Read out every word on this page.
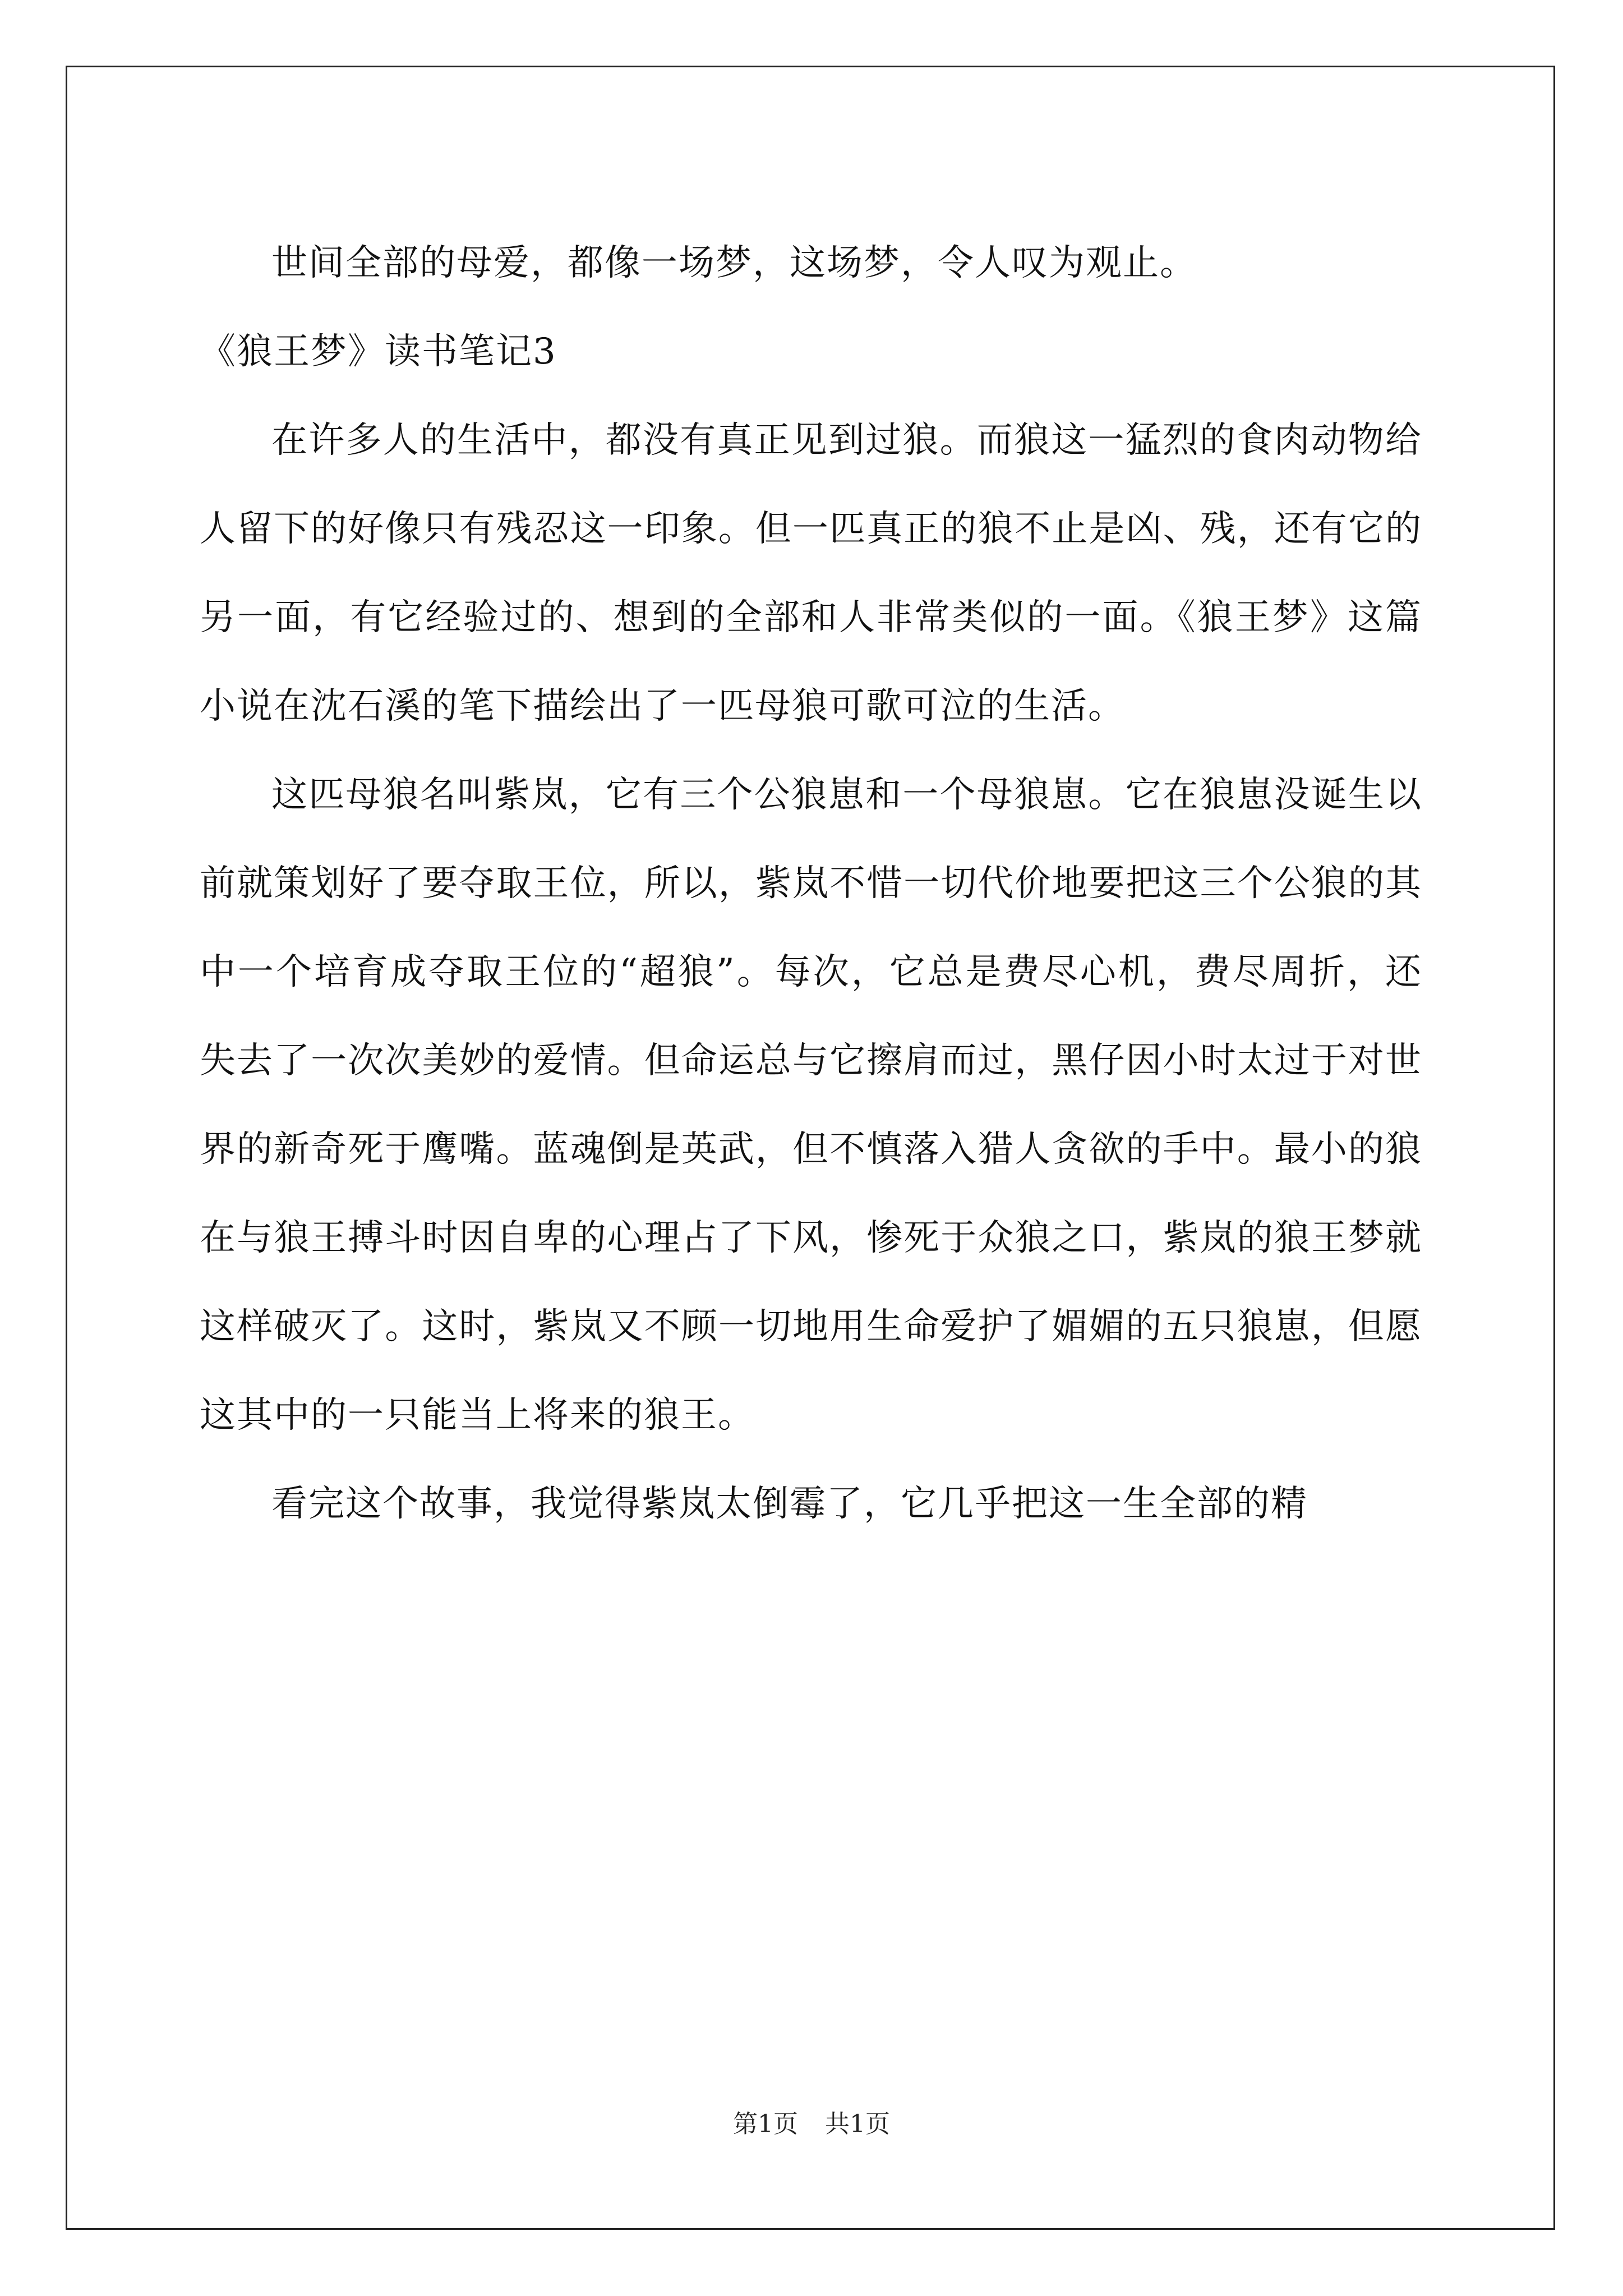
世间全部的母爱，都像一场梦，这场梦，令人叹为观止。

《狼王梦》读书笔记3

在许多人的生活中，都没有真正见到过狼。而狼这一猛烈的食肉动物给人留下的好像只有残忍这一印象。但一匹真正的狼不止是凶、残，还有它的另一面，有它经验过的、想到的全部和人非常类似的一面。《狼王梦》这篇小说在沈石溪的笔下描绘出了一匹母狼可歌可泣的生活。

这匹母狼名叫紫岚，它有三个公狼崽和一个母狼崽。它在狼崽没诞生以前就策划好了要夺取王位，所以，紫岚不惜一切代价地要把这三个公狼的其中一个培育成夺取王位的“超狼”。每次，它总是费尽心机，费尽周折，还失去了一次次美妙的爱情。但命运总与它擦肩而过，黑仔因小时太过于对世界的新奇死于鹰嘴。蓝魂倒是英武，但不慎落入猎人贪欲的手中。最小的狼在与狼王搏斗时因自卑的心理占了下风，惨死于众狼之口，紫岚的狼王梦就这样破灭了。这时，紫岚又不顾一切地用生命爱护了媚媚的五只狼崽，但愿这其中的一只能当上将来的狼王。

看完这个故事，我觉得紫岚太倒霉了，它几乎把这一生全部的精

第1页 共1页
